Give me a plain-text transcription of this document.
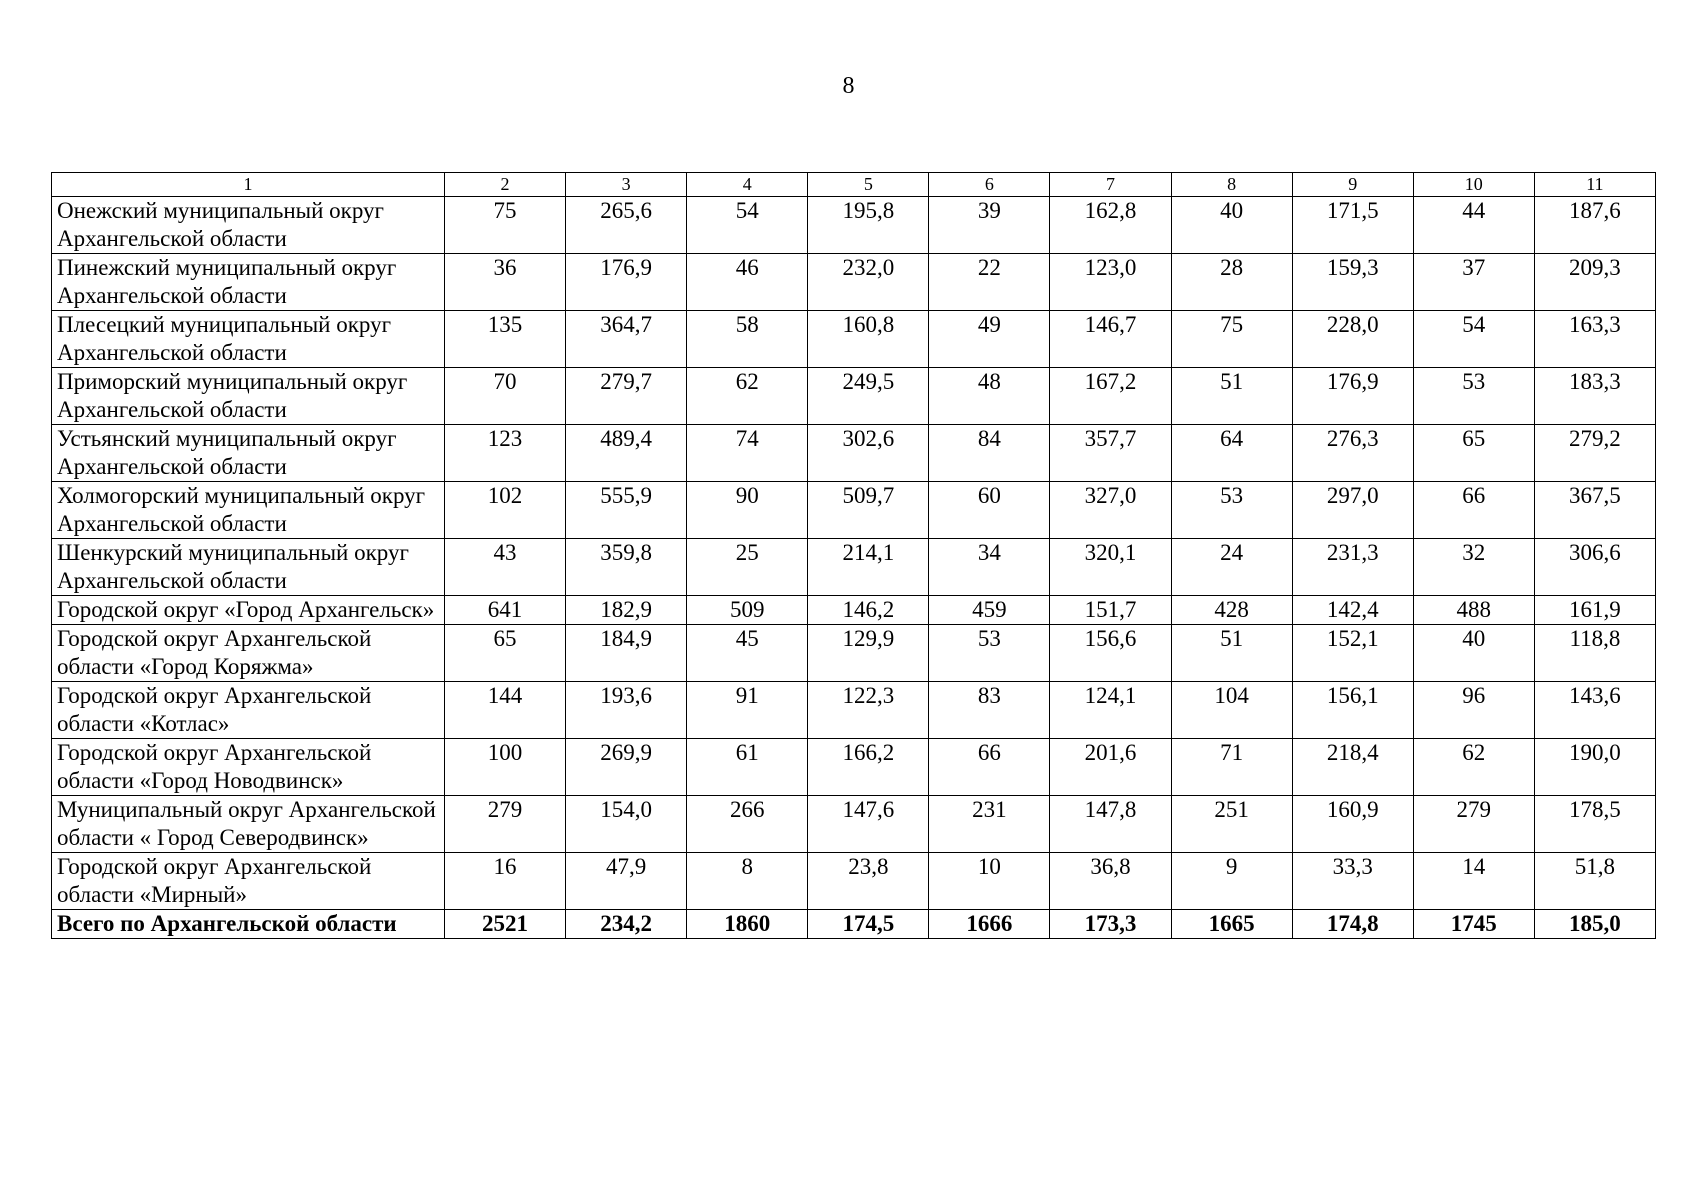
8
1	2	3	4	5	6	7	8	9	10	11
Онежский муниципальный округ Архангельской области	75	265,6	54	195,8	39	162,8	40	171,5	44	187,6
Пинежский муниципальный округ Архангельской области	36	176,9	46	232,0	22	123,0	28	159,3	37	209,3
Плесецкий муниципальный округ Архангельской области	135	364,7	58	160,8	49	146,7	75	228,0	54	163,3
Приморский муниципальный округ Архангельской области	70	279,7	62	249,5	48	167,2	51	176,9	53	183,3
Устьянский муниципальный округ Архангельской области	123	489,4	74	302,6	84	357,7	64	276,3	65	279,2
Холмогорский муниципальный округ Архангельской области	102	555,9	90	509,7	60	327,0	53	297,0	66	367,5
Шенкурский муниципальный округ Архангельской области	43	359,8	25	214,1	34	320,1	24	231,3	32	306,6
Городской округ «Город Архангельск»	641	182,9	509	146,2	459	151,7	428	142,4	488	161,9
Городской округ Архангельской области «Город Коряжма»	65	184,9	45	129,9	53	156,6	51	152,1	40	118,8
Городской округ Архангельской области «Котлас»	144	193,6	91	122,3	83	124,1	104	156,1	96	143,6
Городской округ Архангельской области «Город Новодвинск»	100	269,9	61	166,2	66	201,6	71	218,4	62	190,0
Муниципальный округ Архангельской области « Город Северодвинск»	279	154,0	266	147,6	231	147,8	251	160,9	279	178,5
Городской округ Архангельской области «Мирный»	16	47,9	8	23,8	10	36,8	9	33,3	14	51,8
Всего по Архангельской области	2521	234,2	1860	174,5	1666	173,3	1665	174,8	1745	185,0
